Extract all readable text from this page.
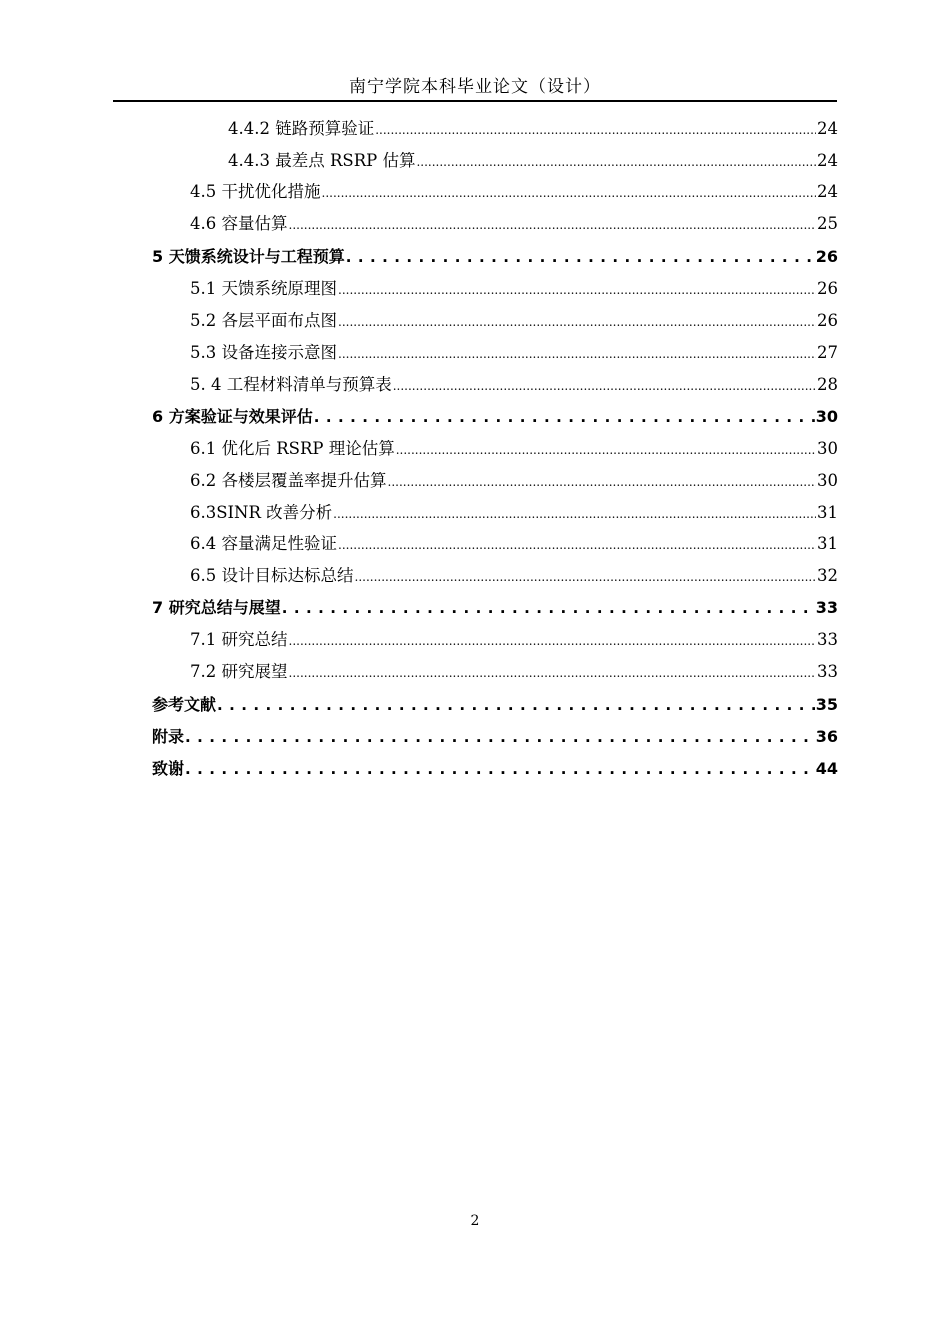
南宁学院本科毕业论文（设计）
4.4.2 链路预算验证 .....	24
4.4.3 最差点 RSRP 估算 .....	24
4.5 干扰优化措施 .....	24
4.6 容量估算 .....	25
5 天馈系统设计与工程预算 . . .	26
5.1 天馈系统原理图 .....	26
5.2 各层平面布点图 .....	26
5.3 设备连接示意图 .....	27
5. 4 工程材料清单与预算表 .....	28
6 方案验证与效果评估 . . .	30
6.1 优化后 RSRP 理论估算 .....	30
6.2 各楼层覆盖率提升估算 .....	30
6.3SINR 改善分析 .....	31
6.4 容量满足性验证 .....	31
6.5 设计目标达标总结 .....	32
7 研究总结与展望 . . .	33
7.1 研究总结 .....	33
7.2 研究展望 .....	33
参考文献 . . .	35
附录 . . .	36
致谢 . . .	44
2
